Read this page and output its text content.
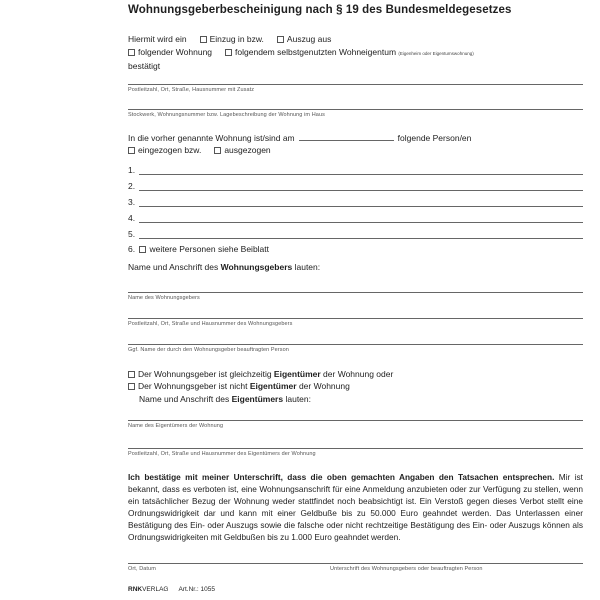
Wohnungsgeberbescheinigung nach § 19 des Bundesmeldegesetzes
Hiermit wird ein	Einzug in bzw.	Auszug aus
folgender Wohnung	folgendem selbstgenutzten Wohneigentum (Eigenheim oder Eigentumswohnung)
bestätigt
Postleitzahl, Ort, Straße, Hausnummer mit Zusatz
Stockwerk, Wohnungsnummer bzw. Lagebeschreibung der Wohnung im Haus
In die vorher genannte Wohnung ist/sind am	folgende Person/en
eingezogen bzw.	ausgezogen
1.
2.
3.
4.
5.
6. weitere Personen siehe Beiblatt
Name und Anschrift des Wohnungsgebers lauten:
Name des Wohnungsgebers
Postleitzahl, Ort, Straße und Hausnummer des Wohnungsgebers
Ggf. Name der durch den Wohnungsgeber beauftragten Person
Der Wohnungsgeber ist gleichzeitig Eigentümer der Wohnung oder
Der Wohnungsgeber ist nicht Eigentümer der Wohnung
Name und Anschrift des Eigentümers lauten:
Name des Eigentümers der Wohnung
Postleitzahl, Ort, Straße und Hausnummer des Eigentümers der Wohnung
Ich bestätige mit meiner Unterschrift, dass die oben gemachten Angaben den Tatsachen entsprechen. Mir ist bekannt, dass es verboten ist, eine Wohnungsanschrift für eine Anmeldung anzubieten oder zur Verfügung zu stellen, wenn ein tatsächlicher Bezug der Wohnung weder stattfindet noch beabsichtigt ist. Ein Verstoß gegen dieses Verbot stellt eine Ordnungswidrigkeit dar und kann mit einer Geldbuße bis zu 50.000 Euro geahndet werden. Das Unterlassen einer Bestätigung des Ein- oder Auszugs sowie die falsche oder nicht rechtzeitige Bestätigung des Ein- oder Auszugs können als Ordnungswidrigkeiten mit Geldbußen bis zu 1.000 Euro geahndet werden.
Ort, Datum	Unterschrift des Wohnungsgebers oder beauftragten Person
RNKVERLAG Art.Nr.: 1055
